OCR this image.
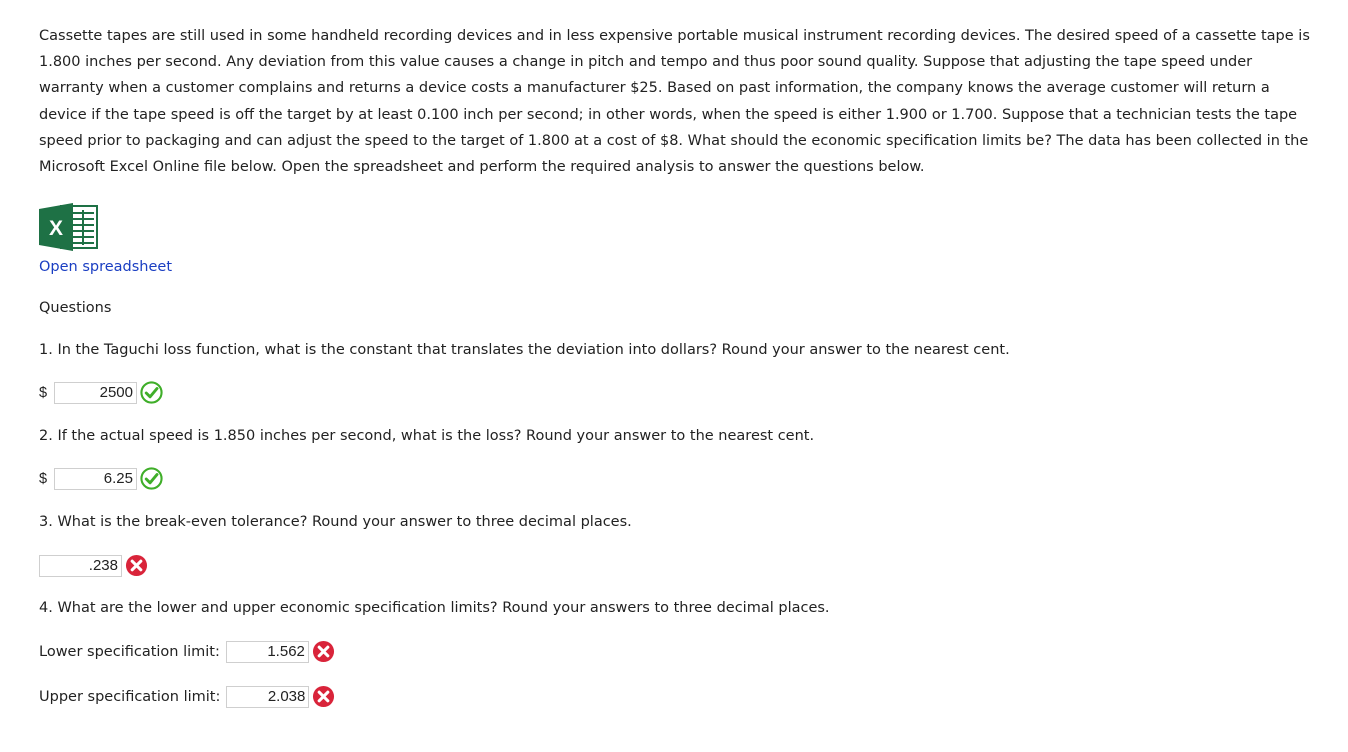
Cassette tapes are still used in some handheld recording devices and in less expensive portable musical instrument recording devices. The desired speed of a cassette tape is 1.800 inches per second. Any deviation from this value causes a change in pitch and tempo and thus poor sound quality. Suppose that adjusting the tape speed under warranty when a customer complains and returns a device costs a manufacturer $25. Based on past information, the company knows the average customer will return a device if the tape speed is off the target by at least 0.100 inch per second; in other words, when the speed is either 1.900 or 1.700. Suppose that a technician tests the tape speed prior to packaging and can adjust the speed to the target of 1.800 at a cost of $8. What should the economic specification limits be? The data has been collected in the Microsoft Excel Online file below. Open the spreadsheet and perform the required analysis to answer the questions below.

X
Open spreadsheet
Questions

1. In the Taguchi loss function, what is the constant that translates the deviation into dollars? Round your answer to the nearest cent.

$	2500

2. If the actual speed is 1.850 inches per second, what is the loss? Round your answer to the nearest cent.

$	6.25

3. What is the break-even tolerance? Round your answer to three decimal places.

.238

4. What are the lower and upper economic specification limits? Round your answers to three decimal places.

Lower specification limit:	1.562
Upper specification limit:	2.038
